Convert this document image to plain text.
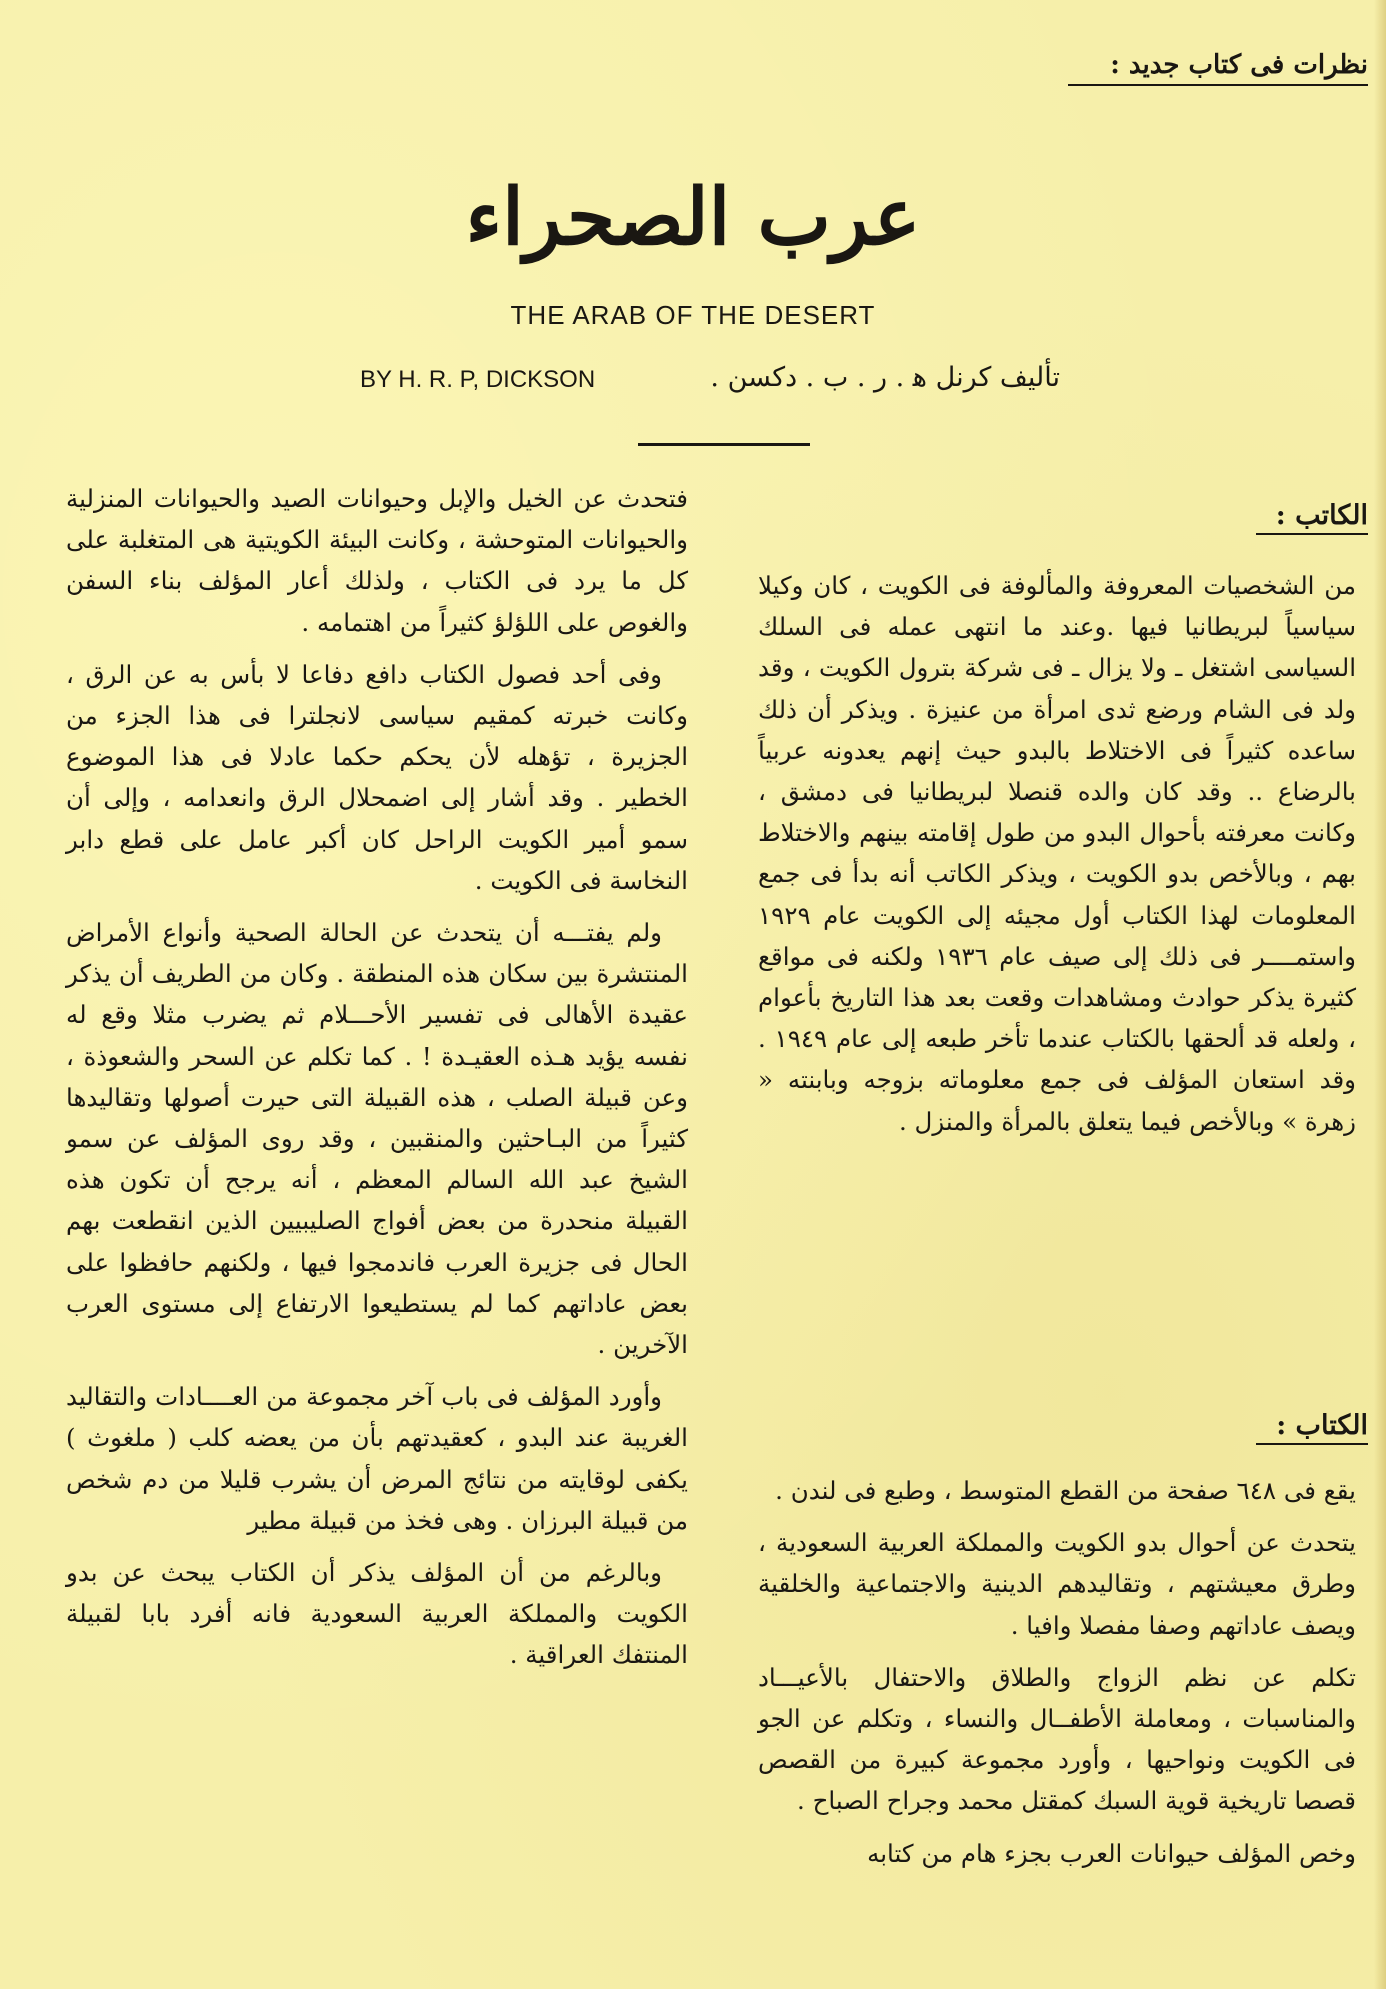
نظرات فى كتاب جديد :
عرب الصحراء
THE ARAB OF THE DESERT
BY H. R. P, DICKSON	تأليف كرنل ﻫ . ر . ب . دكسن .

فتحدث عن الخيل والإبل وحيوانات الصيد والحيوانات المنزلية والحيوانات المتوحشة ، وكانت البيئة الكويتية هى المتغلبة على كل ما يرد فى الكتاب ، ولذلك أعار المؤلف بناء السفن والغوص على اللؤلؤ كثيراً من اهتمامه .

وفى أحد فصول الكتاب دافع دفاعا لا بأس به عن الرق ، وكانت خبرته كمقيم سياسى لانجلترا فى هذا الجزء من الجزيرة ، تؤهله لأن يحكم حكما عادلا فى هذا الموضوع الخطير . وقد أشار إلى اضمحلال الرق وانعدامه ، وإلى أن سمو أمير الكويت الراحل كان أكبر عامل على قطع دابر النخاسة فى الكويت .

ولم يفتـــه أن يتحدث عن الحالة الصحية وأنواع الأمراض المنتشرة بين سكان هذه المنطقة . وكان من الطريف أن يذكر عقيدة الأهالى فى تفسير الأحـــلام ثم يضرب مثلا وقع له نفسه يؤيد هـذه العقيـدة ! . كما تكلم عن السحر والشعوذة ، وعن قبيلة الصلب ، هذه القبيلة التى حيرت أصولها وتقاليدها كثيراً من البـاحثين والمنقبين ، وقد روى المؤلف عن سمو الشيخ عبد الله السالم المعظم ، أنه يرجح أن تكون هذه القبيلة منحدرة من بعض أفواج الصليبيين الذين انقطعت بهم الحال فى جزيرة العرب فاندمجوا فيها ، ولكنهم حافظوا على بعض عاداتهم كما لم يستطيعوا الارتفاع إلى مستوى العرب الآخرين .

وأورد المؤلف فى باب آخر مجموعة من العــــادات والتقاليد الغريبة عند البدو ، كعقيدتهم بأن من يعضه كلب ( ملغوث ) يكفى لوقايته من نتائج المرض أن يشرب قليلا من دم شخص من قبيلة البرزان . وهى فخذ من قبيلة مطير

وبالرغم من أن المؤلف يذكر أن الكتاب يبحث عن بدو الكويت والمملكة العربية السعودية فانه أفرد بابا لقبيلة المنتفك العراقية .

الكاتب :

من الشخصيات المعروفة والمألوفة فى الكويت ، كان وكيلا سياسياً لبريطانيا فيها .وعند ما انتهى عمله فى السلك السياسى اشتغل ـ ولا يزال ـ فى شركة بترول الكويت ، وقد ولد فى الشام ورضع ثدى امرأة من عنيزة . ويذكر أن ذلك ساعده كثيراً فى الاختلاط بالبدو حيث إنهم يعدونه عربياً بالرضاع .. وقد كان والده قنصلا لبريطانيا فى دمشق ، وكانت معرفته بأحوال البدو من طول إقامته بينهم والاختلاط بهم ، وبالأخص بدو الكويت ، ويذكر الكاتب أنه بدأ فى جمع المعلومات لهذا الكتاب أول مجيئه إلى الكويت عام ١٩٢٩ واستمــــر فى ذلك إلى صيف عام ١٩٣٦ ولكنه فى مواقع كثيرة يذكر حوادث ومشاهدات وقعت بعد هذا التاريخ بأعوام ، ولعله قد ألحقها بالكتاب عندما تأخر طبعه إلى عام ١٩٤٩ . وقد استعان المؤلف فى جمع معلوماته بزوجه وبابنته « زهرة » وبالأخص فيما يتعلق بالمرأة والمنزل .

الكتاب :

يقع فى ٦٤٨ صفحة من القطع المتوسط ، وطبع فى لندن .

يتحدث عن أحوال بدو الكويت والمملكة العربية السعودية ، وطرق معيشتهم ، وتقاليدهم الدينية والاجتماعية والخلقية ويصف عاداتهم وصفا مفصلا وافيا .

تكلم عن نظم الزواج والطلاق والاحتفال بالأعيـــاد والمناسبات ، ومعاملة الأطفــال والنساء ، وتكلم عن الجو فى الكويت ونواحيها ، وأورد مجموعة كبيرة من القصص قصصا تاريخية قوية السبك كمقتل محمد وجراح الصباح .

وخص المؤلف حيوانات العرب بجزء هام من كتابه
